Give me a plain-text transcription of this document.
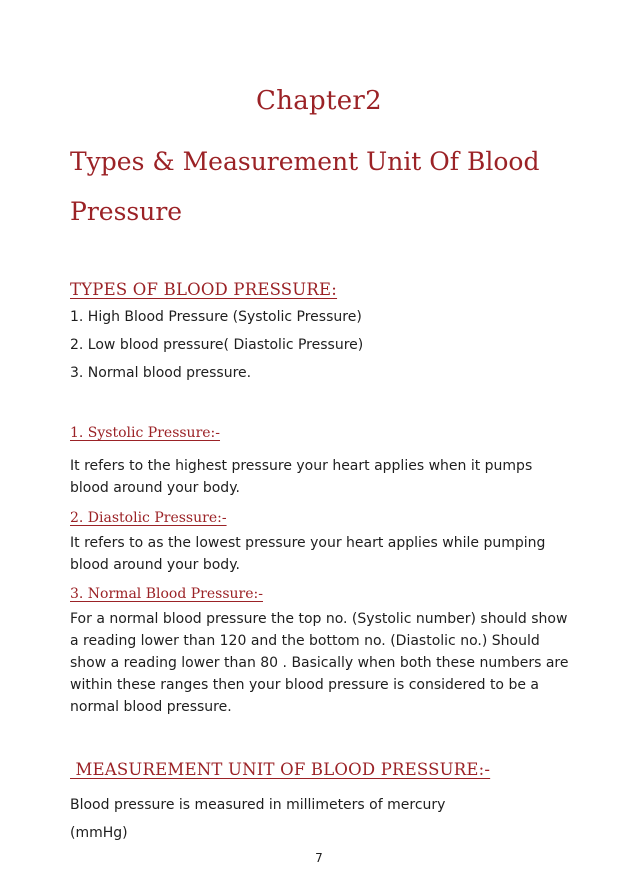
Chapter2
Types & Measurement Unit Of Blood Pressure
TYPES OF BLOOD PRESSURE:
1. High Blood Pressure (Systolic Pressure)
2. Low blood pressure( Diastolic Pressure)
3. Normal blood pressure.
1. Systolic Pressure:-

It refers to the highest pressure your heart applies when it pumps blood around your body.

2. Diastolic Pressure:-

It refers to as the lowest pressure your heart applies while pumping blood around your body.

3. Normal Blood Pressure:-

For a normal blood pressure the top no. (Systolic number) should show a reading lower than 120 and the bottom no. (Diastolic no.) Should show a reading lower than 80 . Basically when both these numbers are within these ranges then your blood pressure is considered to be a normal blood pressure.

MEASUREMENT UNIT OF BLOOD PRESSURE:-
Blood pressure is measured in millimeters of mercury
(mmHg)
7
